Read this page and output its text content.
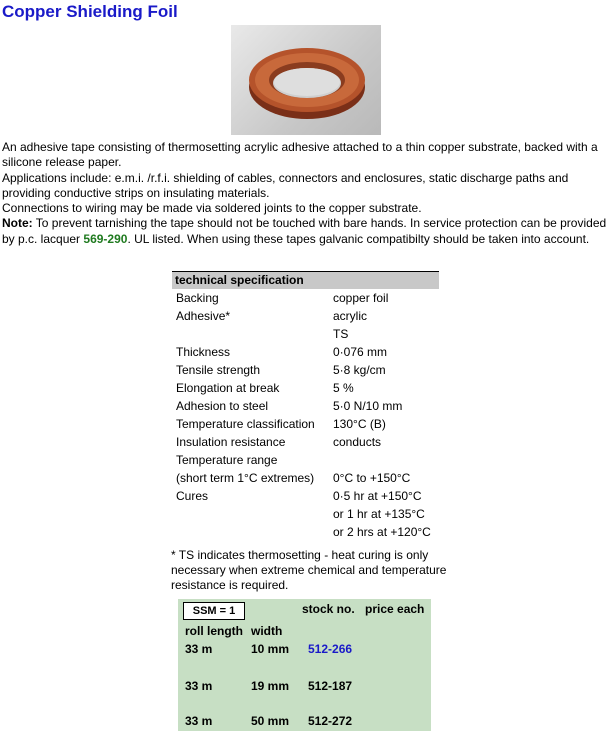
Copper Shielding Foil

An adhesive tape consisting of thermosetting acrylic adhesive attached to a thin copper substrate, backed with a silicone release paper.

Applications include: e.m.i. /r.f.i. shielding of cables, connectors and enclosures, static discharge paths and providing conductive strips on insulating materials.

Connections to wiring may be made via soldered joints to the copper substrate.

Note: To prevent tarnishing the tape should not be touched with bare hands. In service protection can be provided by p.c. lacquer 569-290. UL listed. When using these tapes galvanic compatibilty should be taken into account.

technical specification
Backing	copper foil
Adhesive*	acrylic
TS
Thickness	0·076 mm
Tensile strength	5·8 kg/cm
Elongation at break	5 %
Adhesion to steel	5·0 N/10 mm
Temperature classification 130°C (B)
Insulation resistance	conducts
Temperature range
(short term 1°C extremes) 0°C to +150°C
Cures	0·5 hr at +150°C
or 1 hr at +135°C
or 2 hrs at +120°C
* TS indicates thermosetting - heat curing is only necessary when extreme chemical and temperature resistance is required.
SSM = 1	stock no. price each
roll length width
33 m	10 mm 512-266
33 m	19 mm 512-187
33 m	50 mm 512-272
